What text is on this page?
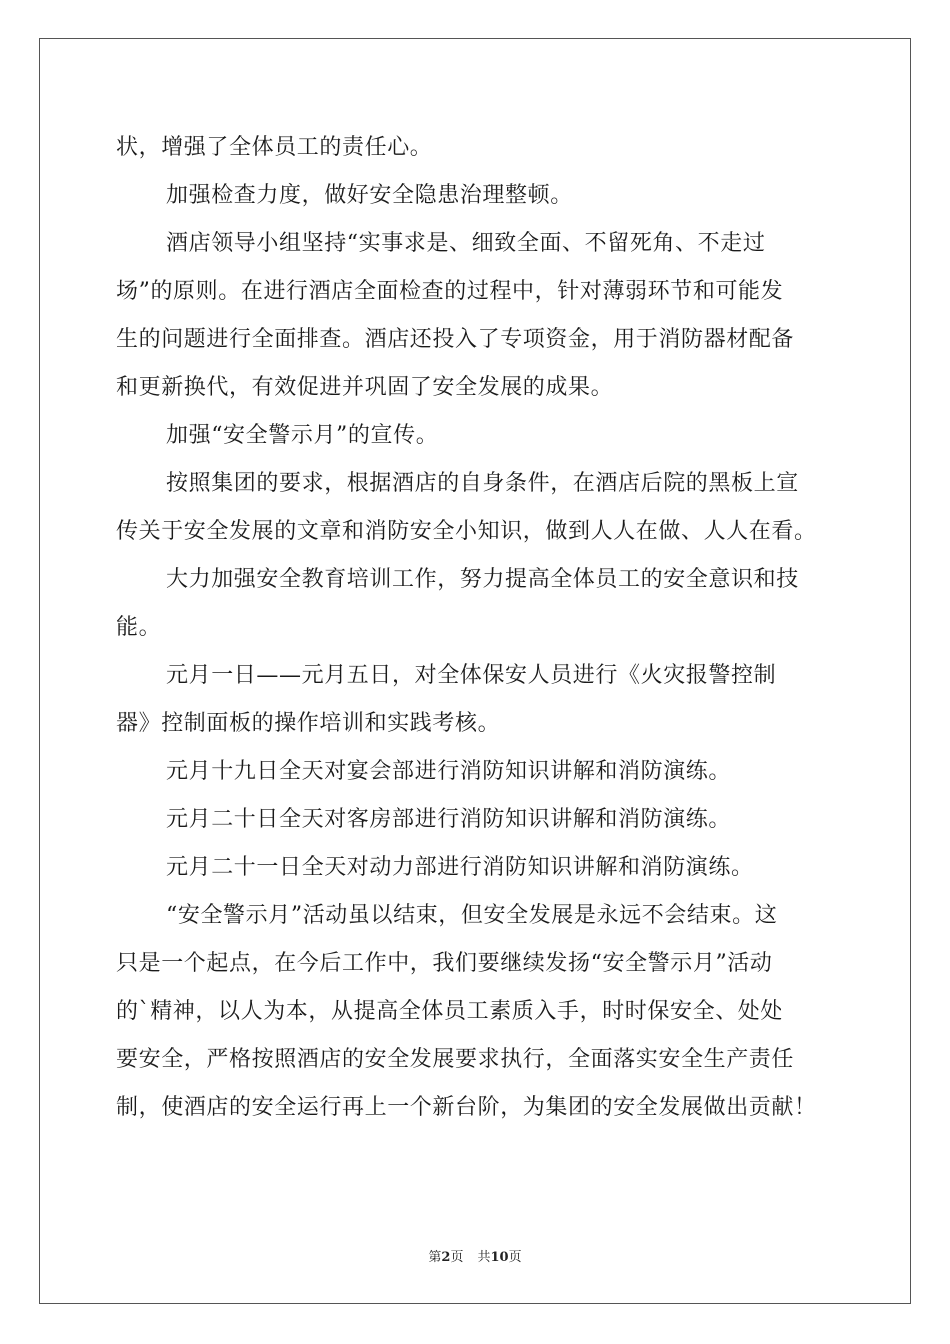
状，增强了全体员工的责任心。
加强检查力度，做好安全隐患治理整顿。
酒店领导小组坚持“实事求是、细致全面、不留死角、不走过
场”的原则。在进行酒店全面检查的过程中，针对薄弱环节和可能发
生的问题进行全面排查。酒店还投入了专项资金，用于消防器材配备
和更新换代，有效促进并巩固了安全发展的成果。
加强“安全警示月”的宣传。
按照集团的要求，根据酒店的自身条件，在酒店后院的黑板上宣
传关于安全发展的文章和消防安全小知识，做到人人在做、人人在看。
大力加强安全教育培训工作，努力提高全体员工的安全意识和技
能。
元月一日——元月五日，对全体保安人员进行《火灾报警控制
器》控制面板的操作培训和实践考核。
元月十九日全天对宴会部进行消防知识讲解和消防演练。
元月二十日全天对客房部进行消防知识讲解和消防演练。
元月二十一日全天对动力部进行消防知识讲解和消防演练。
“安全警示月”活动虽以结束，但安全发展是永远不会结束。这
只是一个起点，在今后工作中，我们要继续发扬“安全警示月”活动
的`精神，以人为本，从提高全体员工素质入手，时时保安全、处处
要安全，严格按照酒店的安全发展要求执行，全面落实安全生产责任
制，使酒店的安全运行再上一个新台阶，为集团的安全发展做出贡献！
第2页 共10页
